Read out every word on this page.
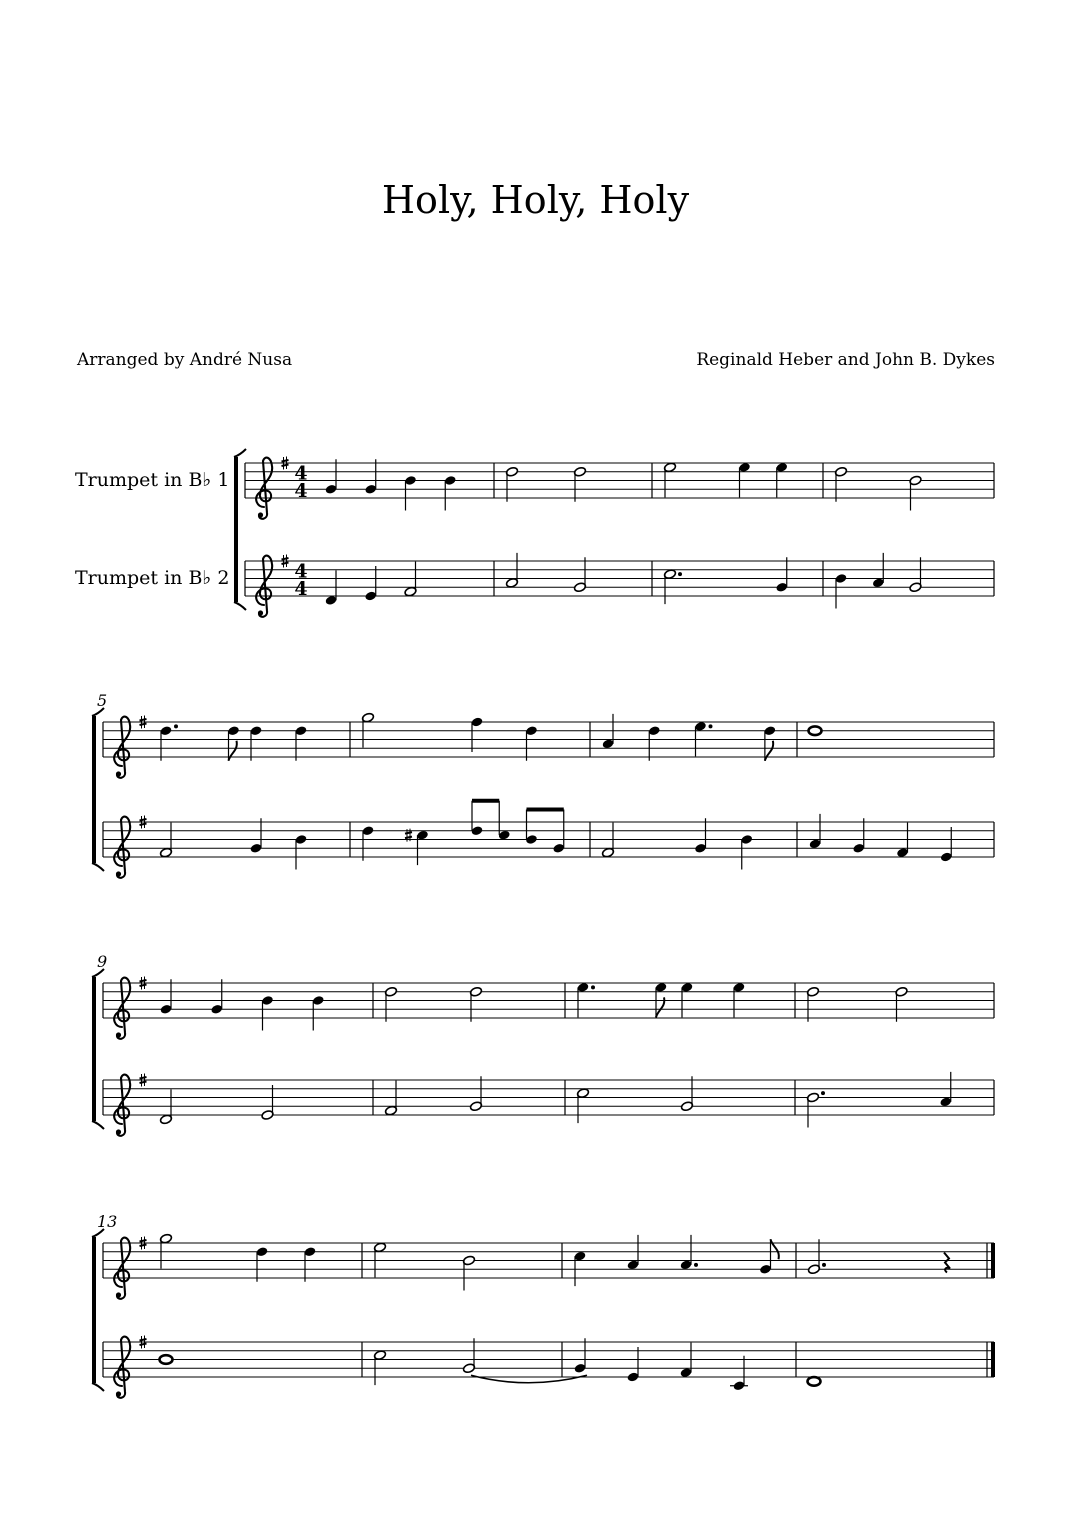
Holy, Holy, Holy
Arranged by André Nusa	Reginald Heber and John B. Dykes
Trumpet in B♭ 1
Trumpet in B♭ 2
4
4
4
4
5
9
13
